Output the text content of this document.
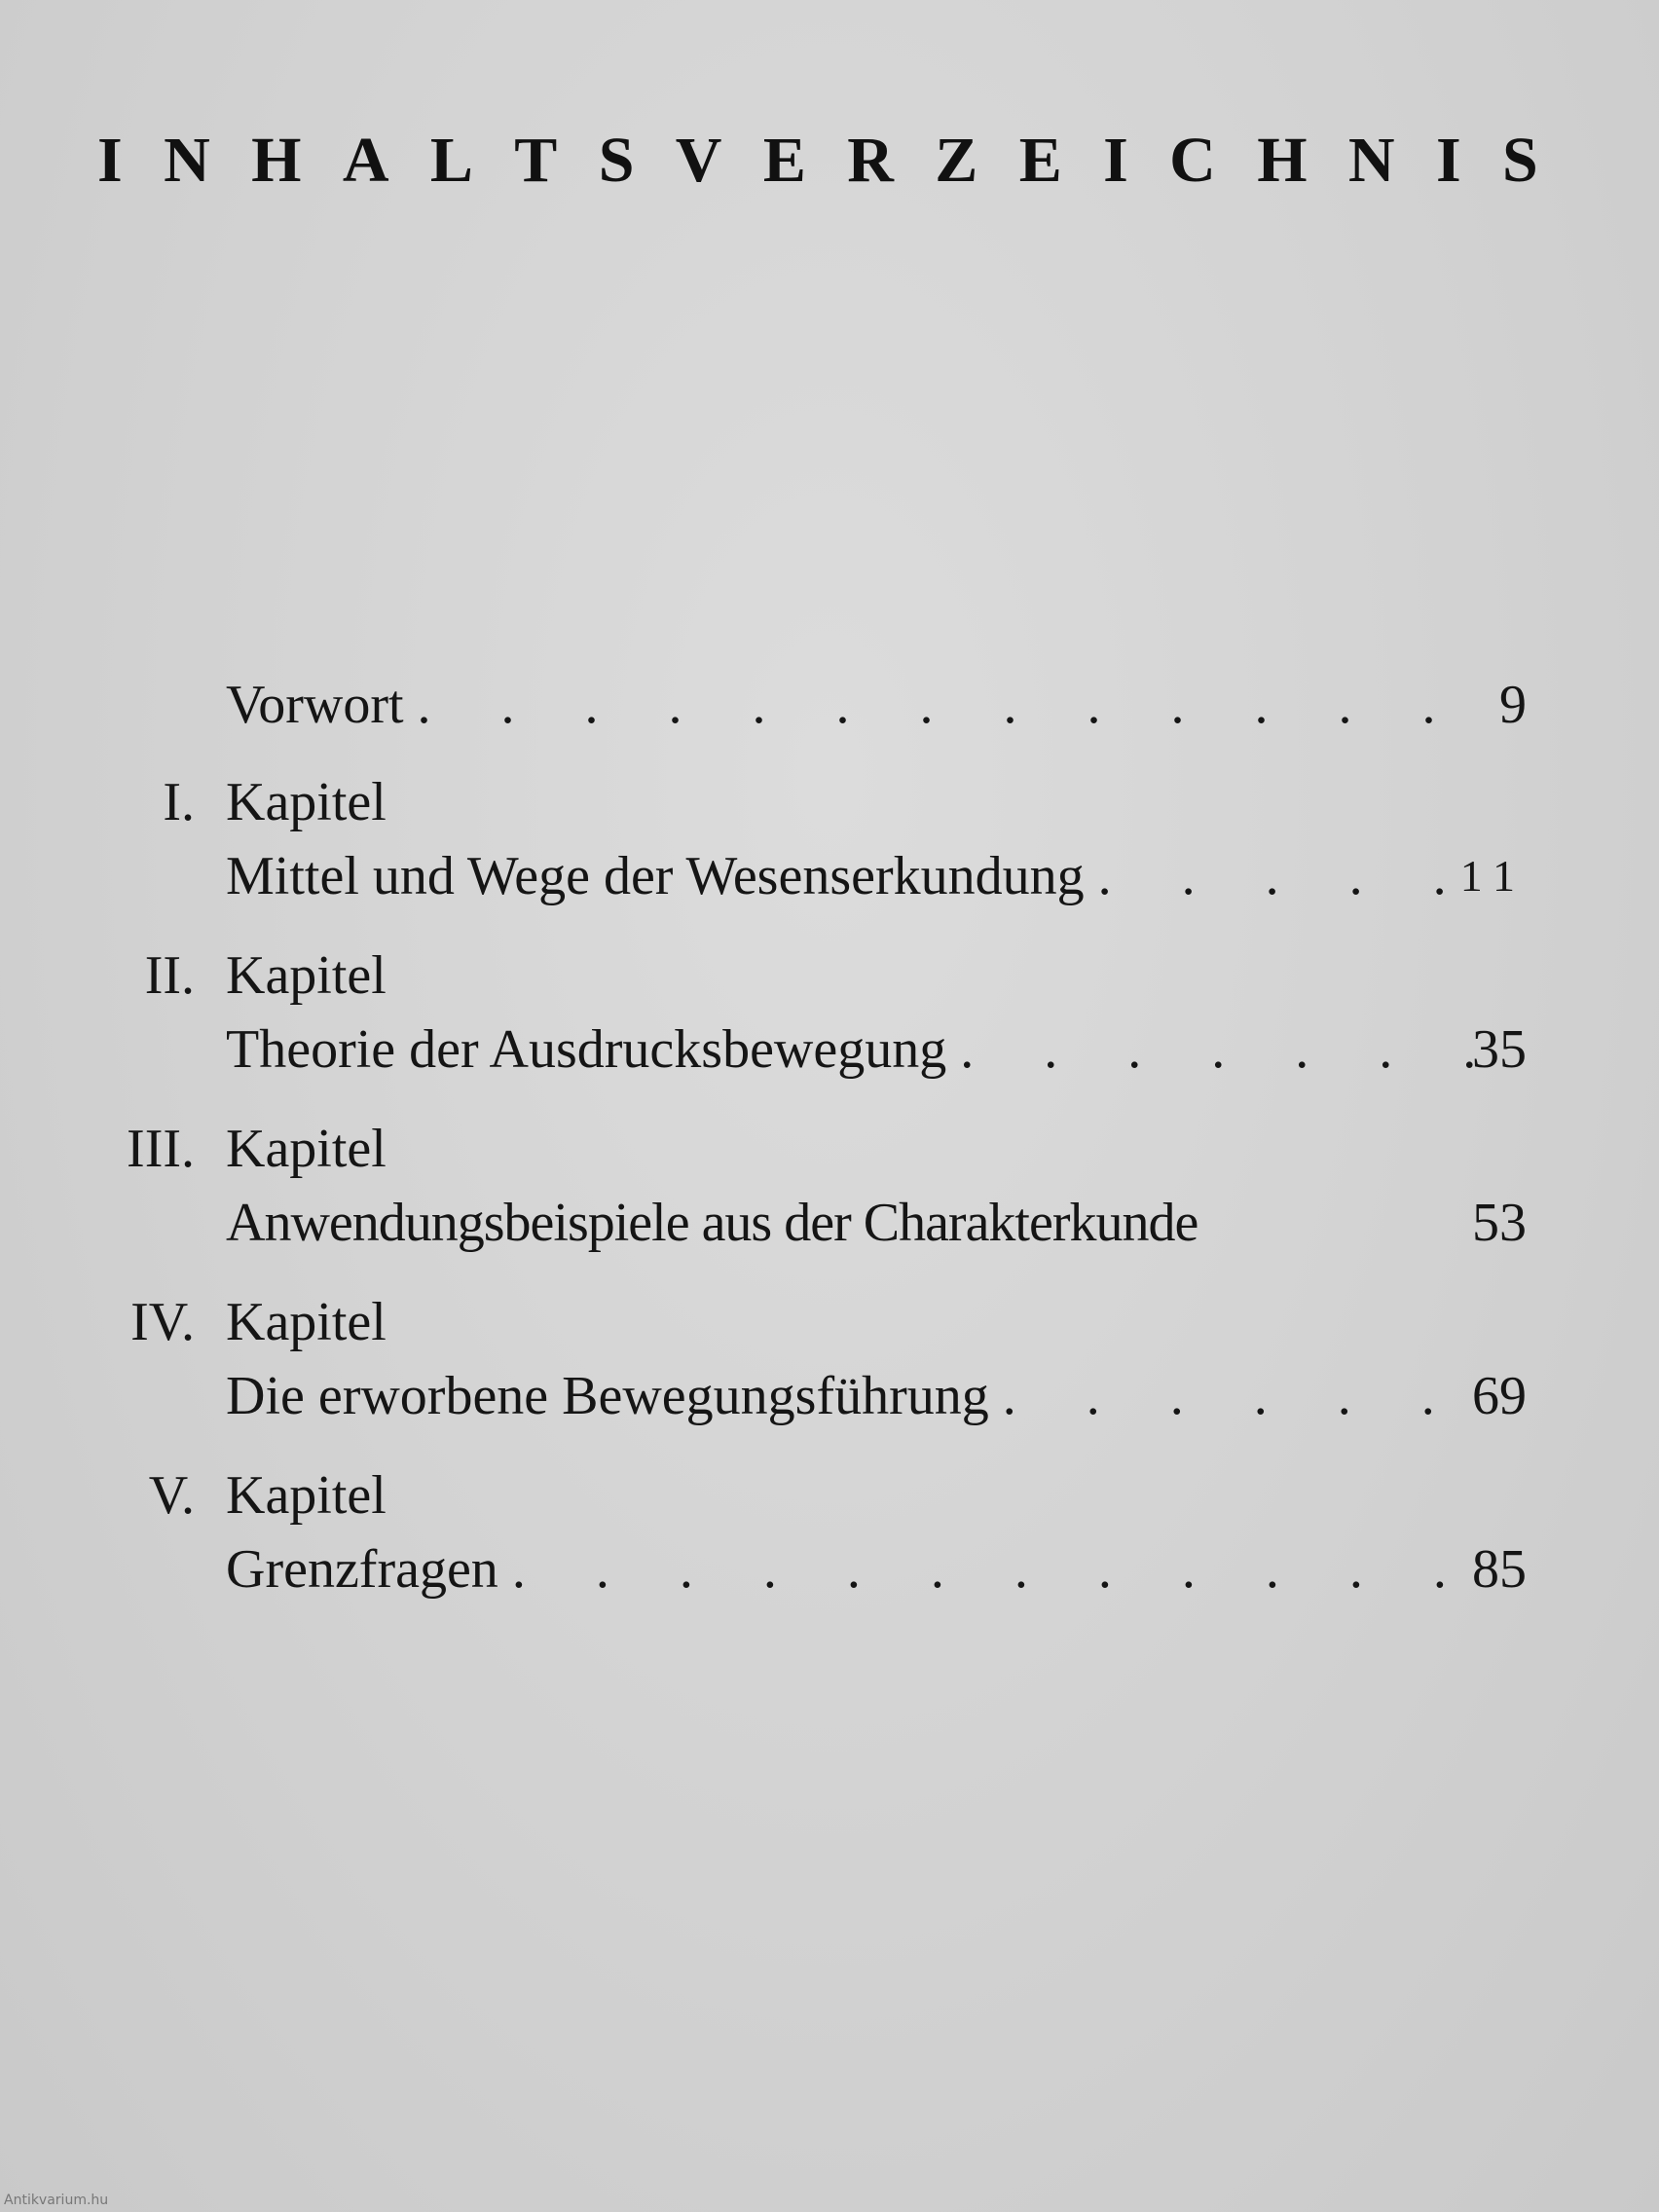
I N H A L T S V E R Z E I C H N I S
Vorwort . . .	9
I. Kapitel
Mittel und Wege der Wesenserkundung . . .	11
II. Kapitel
Theorie der Ausdrucksbewegung . . .	35
III. Kapitel
Anwendungsbeispiele aus der Charakterkunde	53
IV. Kapitel
Die erworbene Bewegungsführung . . .	69
V. Kapitel
Grenzfragen . . .	85
Antikvarium.hu
